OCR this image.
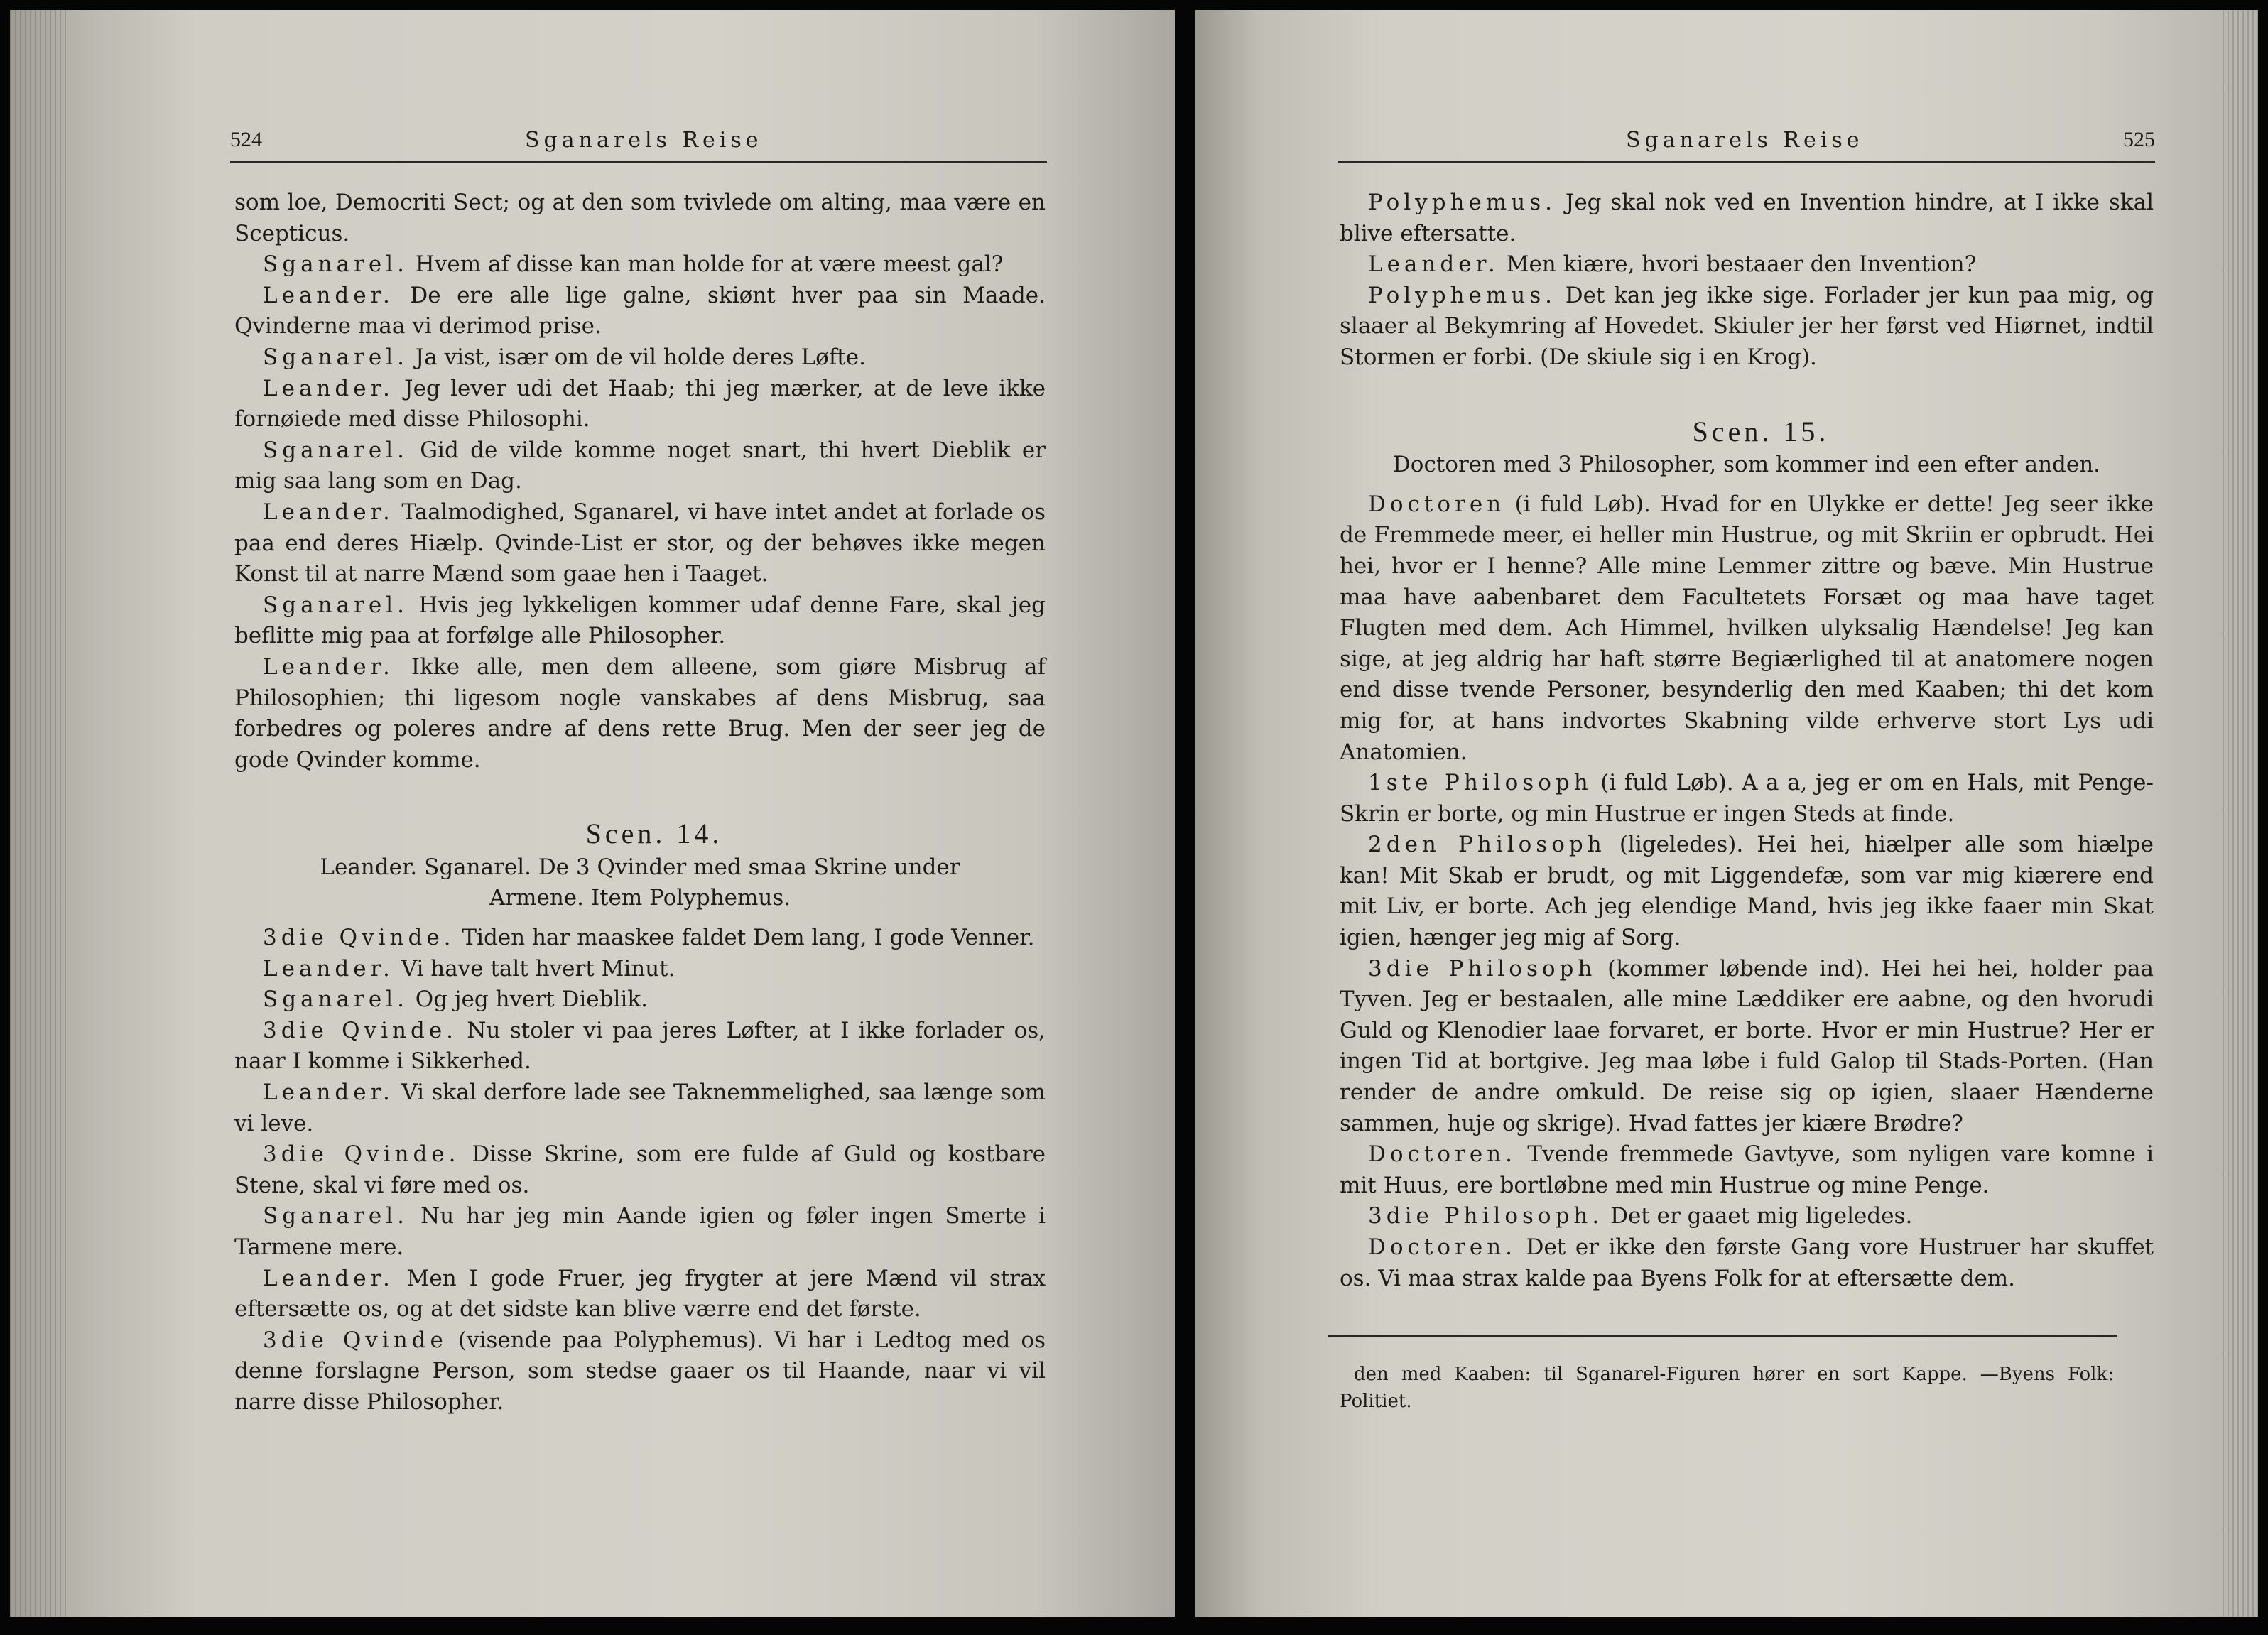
524	Sganarels Reise

som loe, Democriti Sect; og at den som tvivlede om alting, maa være en Scepticus.

Sganarel. Hvem af disse kan man holde for at være meest gal?

Leander. De ere alle lige galne, skiønt hver paa sin Maade. Qvinderne maa vi derimod prise.

Sganarel. Ja vist, især om de vil holde deres Løfte.

Leander. Jeg lever udi det Haab; thi jeg mærker, at de leve ikke fornøiede med disse Philosophi.

Sganarel. Gid de vilde komme noget snart, thi hvert Dieblik er mig saa lang som en Dag.

Leander. Taalmodighed, Sganarel, vi have intet andet at forlade os paa end deres Hiælp. Qvinde-List er stor, og der behøves ikke megen Konst til at narre Mænd som gaae hen i Taaget.

Sganarel. Hvis jeg lykkeligen kommer udaf denne Fare, skal jeg beflitte mig paa at forfølge alle Philosopher.

Leander. Ikke alle, men dem alleene, som giøre Misbrug af Philosophien; thi ligesom nogle vanskabes af dens Misbrug, saa forbedres og poleres andre af dens rette Brug. Men der seer jeg de gode Qvinder komme.

Scen. 14.

Leander. Sganarel. De 3 Qvinder med smaa Skrine under Armene. Item Polyphemus.

3die Qvinde. Tiden har maaskee faldet Dem lang, I gode Venner.

Leander. Vi have talt hvert Minut.

Sganarel. Og jeg hvert Dieblik.

3die Qvinde. Nu stoler vi paa jeres Løfter, at I ikke forlader os, naar I komme i Sikkerhed.

Leander. Vi skal derfore lade see Taknemmelighed, saa længe som vi leve.

3die Qvinde. Disse Skrine, som ere fulde af Guld og kostbare Stene, skal vi føre med os.

Sganarel. Nu har jeg min Aande igien og føler ingen Smerte i Tarmene mere.

Leander. Men I gode Fruer, jeg frygter at jere Mænd vil strax eftersætte os, og at det sidste kan blive værre end det første.

3die Qvinde (visende paa Polyphemus). Vi har i Ledtog med os denne forslagne Person, som stedse gaaer os til Haande, naar vi vil narre disse Philosopher.

Sganarels Reise	525

Polyphemus. Jeg skal nok ved en Invention hindre, at I ikke skal blive eftersatte.

Leander. Men kiære, hvori bestaaer den Invention?

Polyphemus. Det kan jeg ikke sige. Forlader jer kun paa mig, og slaaer al Bekymring af Hovedet. Skiuler jer her først ved Hiørnet, indtil Stormen er forbi. (De skiule sig i en Krog).

Scen. 15.

Doctoren med 3 Philosopher, som kommer ind een efter anden.

Doctoren (i fuld Løb). Hvad for en Ulykke er dette! Jeg seer ikke de Fremmede meer, ei heller min Hustrue, og mit Skriin er opbrudt. Hei hei, hvor er I henne? Alle mine Lemmer zittre og bæve. Min Hustrue maa have aabenbaret dem Facultetets Forsæt og maa have taget Flugten med dem. Ach Himmel, hvilken ulyksalig Hændelse! Jeg kan sige, at jeg aldrig har haft større Begiærlighed til at anatomere nogen end disse tvende Personer, besynderlig den med Kaaben; thi det kom mig for, at hans indvortes Skabning vilde erhverve stort Lys udi Anatomien.

1ste Philosoph (i fuld Løb). A a a, jeg er om en Hals, mit Penge-Skrin er borte, og min Hustrue er ingen Steds at finde.

2den Philosoph (ligeledes). Hei hei, hiælper alle som hiælpe kan! Mit Skab er brudt, og mit Liggendefæ, som var mig kiærere end mit Liv, er borte. Ach jeg elendige Mand, hvis jeg ikke faaer min Skat igien, hænger jeg mig af Sorg.

3die Philosoph (kommer løbende ind). Hei hei hei, holder paa Tyven. Jeg er bestaalen, alle mine Læddiker ere aabne, og den hvorudi Guld og Klenodier laae forvaret, er borte. Hvor er min Hustrue? Her er ingen Tid at bortgive. Jeg maa løbe i fuld Galop til Stads-Porten. (Han render de andre omkuld. De reise sig op igien, slaaer Hænderne sammen, huje og skrige). Hvad fattes jer kiære Brødre?

Doctoren. Tvende fremmede Gavtyve, som nyligen vare komne i mit Huus, ere bortløbne med min Hustrue og mine Penge.

3die Philosoph. Det er gaaet mig ligeledes.

Doctoren. Det er ikke den første Gang vore Hustruer har skuffet os. Vi maa strax kalde paa Byens Folk for at eftersætte dem.

den med Kaaben: til Sganarel-Figuren hører en sort Kappe. —Byens Folk: Politiet.
